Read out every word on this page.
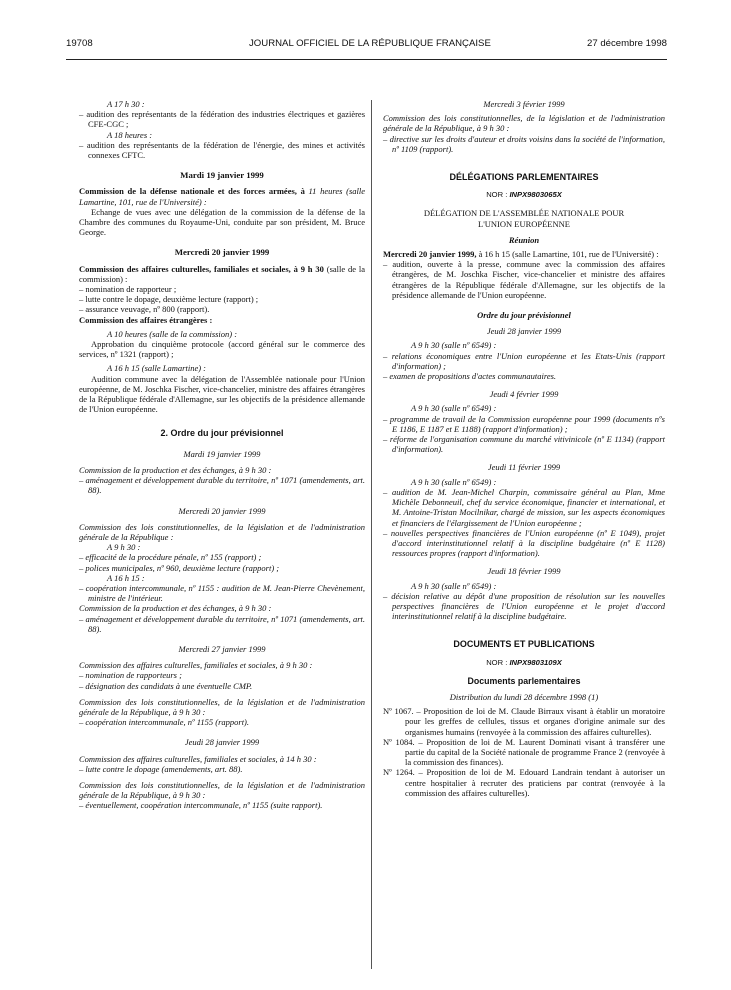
19708	JOURNAL OFFICIEL DE LA RÉPUBLIQUE FRANÇAISE	27 décembre 1998
A 17 h 30 :
– audition des représentants de la fédération des industries électriques et gazières CFE-CGC ;
A 18 heures :
– audition des représentants de la fédération de l'énergie, des mines et activités connexes CFTC.
Mardi 19 janvier 1999
Commission de la défense nationale et des forces armées, à 11 heures (salle Lamartine, 101, rue de l'Université) :
Echange de vues avec une délégation de la commission de la défense de la Chambre des communes du Royaume-Uni, conduite par son président, M. Bruce George.
Mercredi 20 janvier 1999
Commission des affaires culturelles, familiales et sociales, à 9 h 30 (salle de la commission) :
– nomination de rapporteur ;
– lutte contre le dopage, deuxième lecture (rapport) ;
– assurance veuvage, nº 800 (rapport).
Commission des affaires étrangères :
A 10 heures (salle de la commission) :
Approbation du cinquième protocole (accord général sur le commerce des services, nº 1321 (rapport) ;
A 16 h 15 (salle Lamartine) :
Audition commune avec la délégation de l'Assemblée nationale pour l'Union européenne, de M. Joschka Fischer, vice-chancelier, ministre des affaires étrangères de la République fédérale d'Allemagne, sur les objectifs de la présidence allemande de l'Union européenne.
2. Ordre du jour prévisionnel
Mardi 19 janvier 1999
Commission de la production et des échanges, à 9 h 30 :
– aménagement et développement durable du territoire, nº 1071 (amendements, art. 88).
Mercredi 20 janvier 1999
Commission des lois constitutionnelles, de la législation et de l'administration générale de la République :
A 9 h 30 :
– efficacité de la procédure pénale, nº 155 (rapport) ;
– polices municipales, nº 960, deuxième lecture (rapport) ;
A 16 h 15 :
– coopération intercommunale, nº 1155 : audition de M. Jean-Pierre Chevènement, ministre de l'intérieur.
Commission de la production et des échanges, à 9 h 30 :
– aménagement et développement durable du territoire, nº 1071 (amendements, art. 88).
Mercredi 27 janvier 1999
Commission des affaires culturelles, familiales et sociales, à 9 h 30 :
– nomination de rapporteurs ;
– désignation des candidats à une éventuelle CMP.
Commission des lois constitutionnelles, de la législation et de l'administration générale de la République, à 9 h 30 :
– coopération intercommunale, nº 1155 (rapport).
Jeudi 28 janvier 1999
Commission des affaires culturelles, familiales et sociales, à 14 h 30 :
– lutte contre le dopage (amendements, art. 88).
Commission des lois constitutionnelles, de la législation et de l'administration générale de la République, à 9 h 30 :
– éventuellement, coopération intercommunale, nº 1155 (suite rapport).
Mercredi 3 février 1999
Commission des lois constitutionnelles, de la législation et de l'administration générale de la République, à 9 h 30 :
– directive sur les droits d'auteur et droits voisins dans la société de l'information, nº 1109 (rapport).
DÉLÉGATIONS PARLEMENTAIRES
NOR : INPX9803065X
DÉLÉGATION DE L'ASSEMBLÉE NATIONALE POUR L'UNION EUROPÉENNE
Réunion
Mercredi 20 janvier 1999, à 16 h 15 (salle Lamartine, 101, rue de l'Université) :
– audition, ouverte à la presse, commune avec la commission des affaires étrangères, de M. Joschka Fischer, vice-chancelier et ministre des affaires étrangères de la République fédérale d'Allemagne, sur les objectifs de la présidence allemande de l'Union européenne.
Ordre du jour prévisionnel
Jeudi 28 janvier 1999
A 9 h 30 (salle nº 6549) :
– relations économiques entre l'Union européenne et les Etats-Unis (rapport d'information) ;
– examen de propositions d'actes communautaires.
Jeudi 4 février 1999
A 9 h 30 (salle nº 6549) :
– programme de travail de la Commission européenne pour 1999 (documents nºs E 1186, E 1187 et E 1188) (rapport d'information) ;
– réforme de l'organisation commune du marché vitivinicole (nº E 1134) (rapport d'information).
Jeudi 11 février 1999
A 9 h 30 (salle nº 6549) :
– audition de M. Jean-Michel Charpin, commissaire général au Plan, Mme Michèle Debonneuil, chef du service économique, financier et international, et M. Antoine-Tristan Mocilnikar, chargé de mission, sur les aspects économiques et financiers de l'élargissement de l'Union européenne ;
– nouvelles perspectives financières de l'Union européenne (nº E 1049), projet d'accord interinstitutionnel relatif à la discipline budgétaire (nº E 1128) ressources propres (rapport d'information).
Jeudi 18 février 1999
A 9 h 30 (salle nº 6549) :
– décision relative au dépôt d'une proposition de résolution sur les nouvelles perspectives financières de l'Union européenne et le projet d'accord interinstitutionnel relatif à la discipline budgétaire.
DOCUMENTS ET PUBLICATIONS
NOR : INPX9803109X
Documents parlementaires
Distribution du lundi 28 décembre 1998 (1)
Nº 1067. – Proposition de loi de M. Claude Birraux visant à établir un moratoire pour les greffes de cellules, tissus et organes d'origine animale sur des organismes humains (renvoyée à la commission des affaires culturelles).
Nº 1084. – Proposition de loi de M. Laurent Dominati visant à transférer une partie du capital de la Société nationale de programme France 2 (renvoyée à la commission des finances).
Nº 1264. – Proposition de loi de M. Edouard Landrain tendant à autoriser un centre hospitalier à recruter des praticiens par contrat (renvoyée à la commission des affaires culturelles).
